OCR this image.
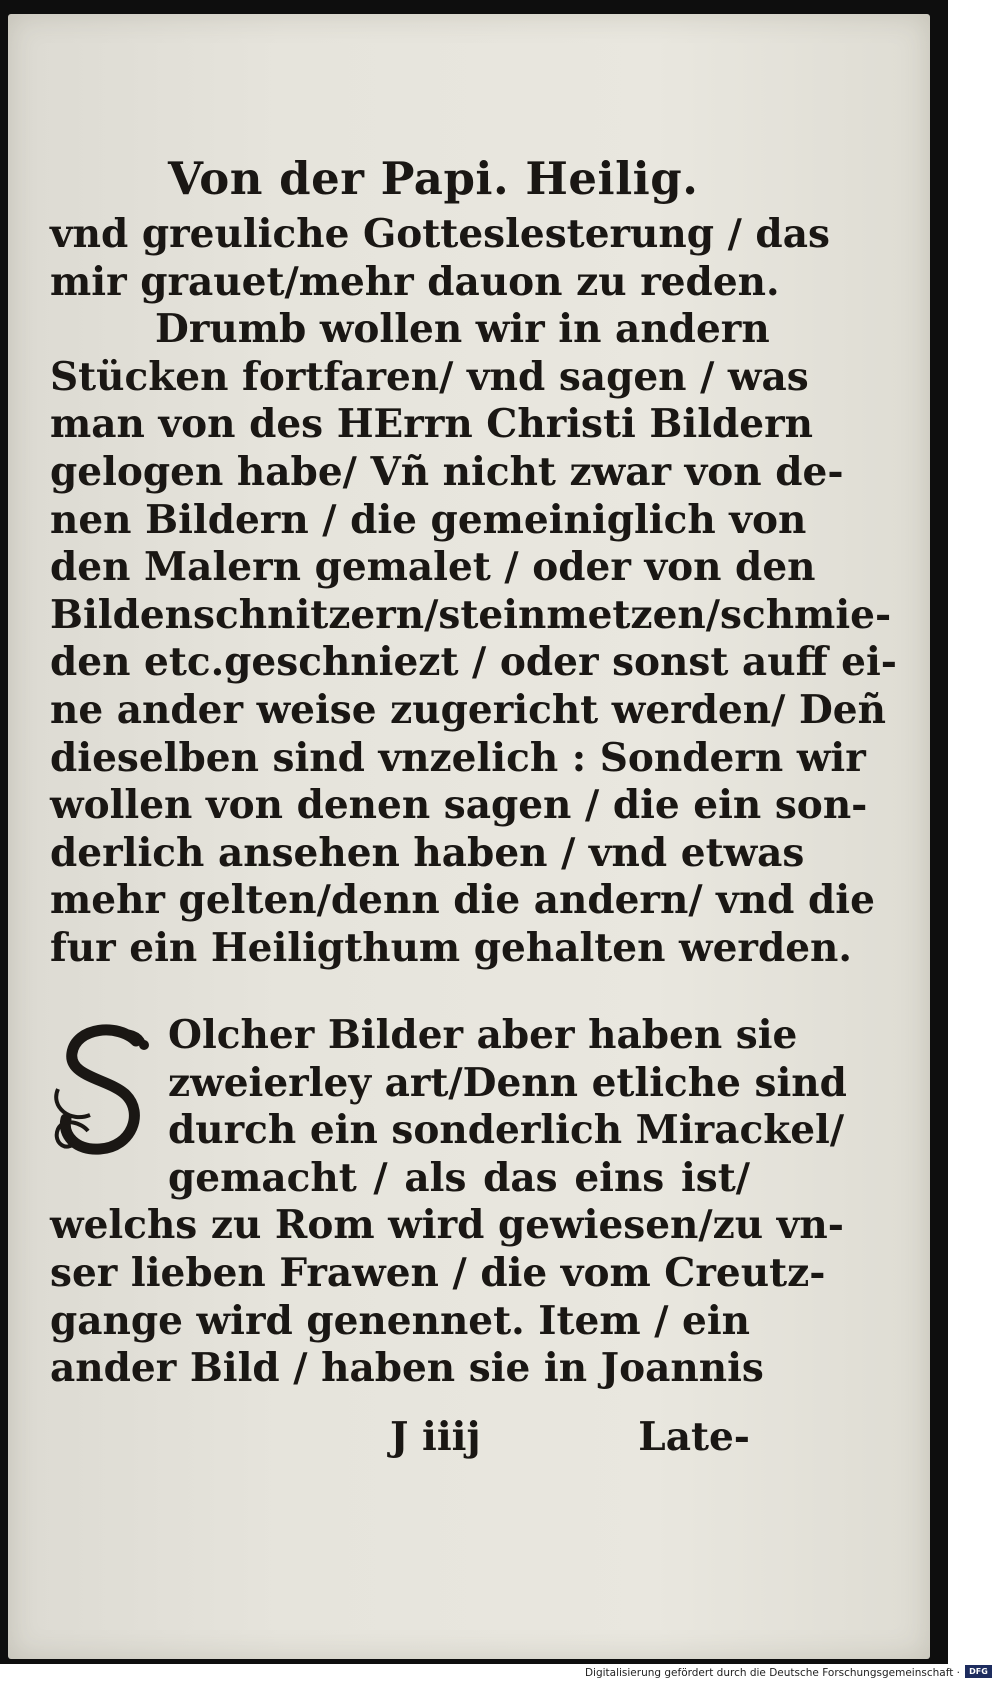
Von der Papi. Heilig.
vnd greuliche Gotteslesterung / das
mir grauet/mehr dauon zu reden.
Drumb wollen wir in andern
Stücken fortfaren/ vnd sagen / was
man von des HErrn Christi Bildern
gelogen habe/ Vñ nicht zwar von de-
nen Bildern / die gemeiniglich von
den Malern gemalet / oder von den
Bildenschnitzern/steinmetzen/schmie-
den etc.geschniezt / oder sonst auff ei-
ne ander weise zugericht werden/ Deñ
dieselben sind vnzelich : Sondern wir
wollen von denen sagen / die ein son-
derlich ansehen haben / vnd etwas
mehr gelten/denn die andern/ vnd die
fur ein Heiligthum gehalten werden.
S	Olcher Bilder aber haben sie
zweierley art/Denn etliche sind
durch ein sonderlich Mirackel/
gemacht / als das eins ist/
welchs zu Rom wird gewiesen/zu vn-
ser lieben Frawen / die vom Creutz-
gange wird genennet. Item / ein
ander Bild / haben sie in Joannis
J iiij	Late-
Digitalisierung gefördert durch die Deutsche Forschungsgemeinschaft ·	DFG
